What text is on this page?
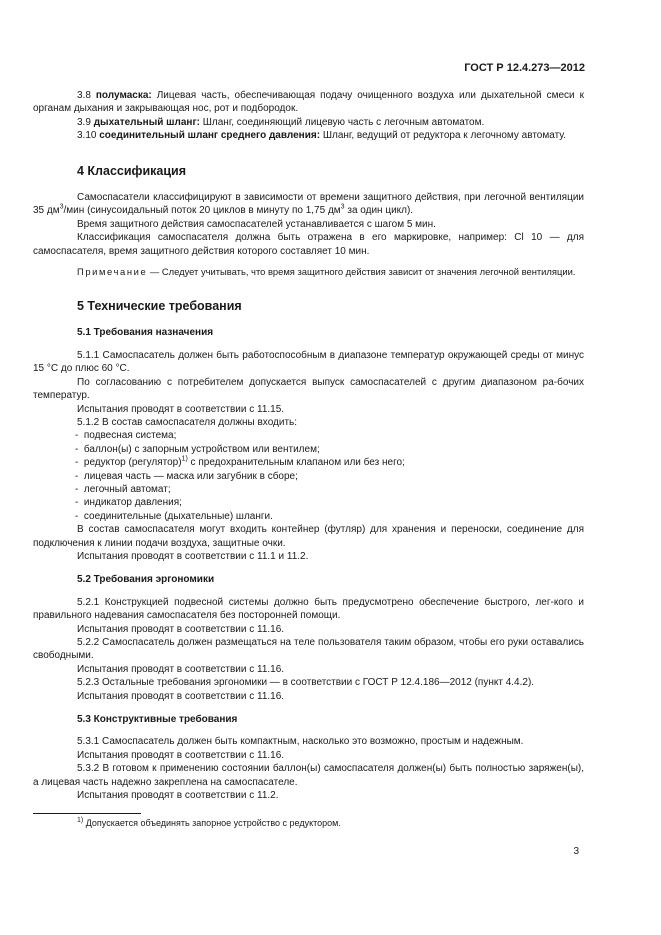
ГОСТ Р 12.4.273—2012

3.8 полумаска: Лицевая часть, обеспечивающая подачу очищенного воздуха или дыхательной смеси к органам дыхания и закрывающая нос, рот и подбородок.

3.9 дыхательный шланг: Шланг, соединяющий лицевую часть с легочным автоматом.

3.10 соединительный шланг среднего давления: Шланг, ведущий от редуктора к легочному автомату.

4 Классификация

Самоспасатели классифицируют в зависимости от времени защитного действия, при легочной вентиляции 35 $дм^3$/мин (синусоидальный поток 20 циклов в минуту по 1,75 $дм^3$ за один цикл).

Время защитного действия самоспасателей устанавливается с шагом 5 мин.

Классификация самоспасателя должна быть отражена в его маркировке, например: Cl 10 — для самоспасателя, время защитного действия которого составляет 10 мин.

Примечание — Следует учитывать, что время защитного действия зависит от значения легочной вентиляции.

5 Технические требования
5.1 Требования назначения

5.1.1 Самоспасатель должен быть работоспособным в диапазоне температур окружающей среды от минус 15 °С до плюс 60 °С.

По согласованию с потребителем допускается выпуск самоспасателей с другим диапазоном ра-бочих температур.

Испытания проводят в соответствии с 11.15.

5.1.2 В состав самоспасателя должны входить:

-  подвесная система;

-  баллон(ы) с запорным устройством или вентилем;

-  редуктор (регулятор)$^{1)}$ с предохранительным клапаном или без него;

-  лицевая часть — маска или загубник в сборе;

-  легочный автомат;

-  индикатор давления;

-  соединительные (дыхательные) шланги.

В состав самоспасателя могут входить контейнер (футляр) для хранения и переноски, соединение для подключения к линии подачи воздуха, защитные очки.

Испытания проводят в соответствии с 11.1 и 11.2.

5.2 Требования эргономики

5.2.1 Конструкцией подвесной системы должно быть предусмотрено обеспечение быстрого, лег-кого и правильного надевания самоспасателя без посторонней помощи.

Испытания проводят в соответствии с 11.16.

5.2.2 Самоспасатель должен размещаться на теле пользователя таким образом, чтобы его руки оставались свободными.

Испытания проводят в соответствии с 11.16.

5.2.3 Остальные требования эргономики — в соответствии с ГОСТ Р 12.4.186—2012 (пункт 4.4.2).

Испытания проводят в соответствии с 11.16.

5.3 Конструктивные требования

5.3.1 Самоспасатель должен быть компактным, насколько это возможно, простым и надежным.

Испытания проводят в соответствии с 11.16.

5.3.2 В готовом к применению состоянии баллон(ы) самоспасателя должен(ы) быть полностью заряжен(ы), а лицевая часть надежно закреплена на самоспасателе.

Испытания проводят в соответствии с 11.2.

$^{1)}$ Допускается объединять запорное устройство с редуктором.

3
